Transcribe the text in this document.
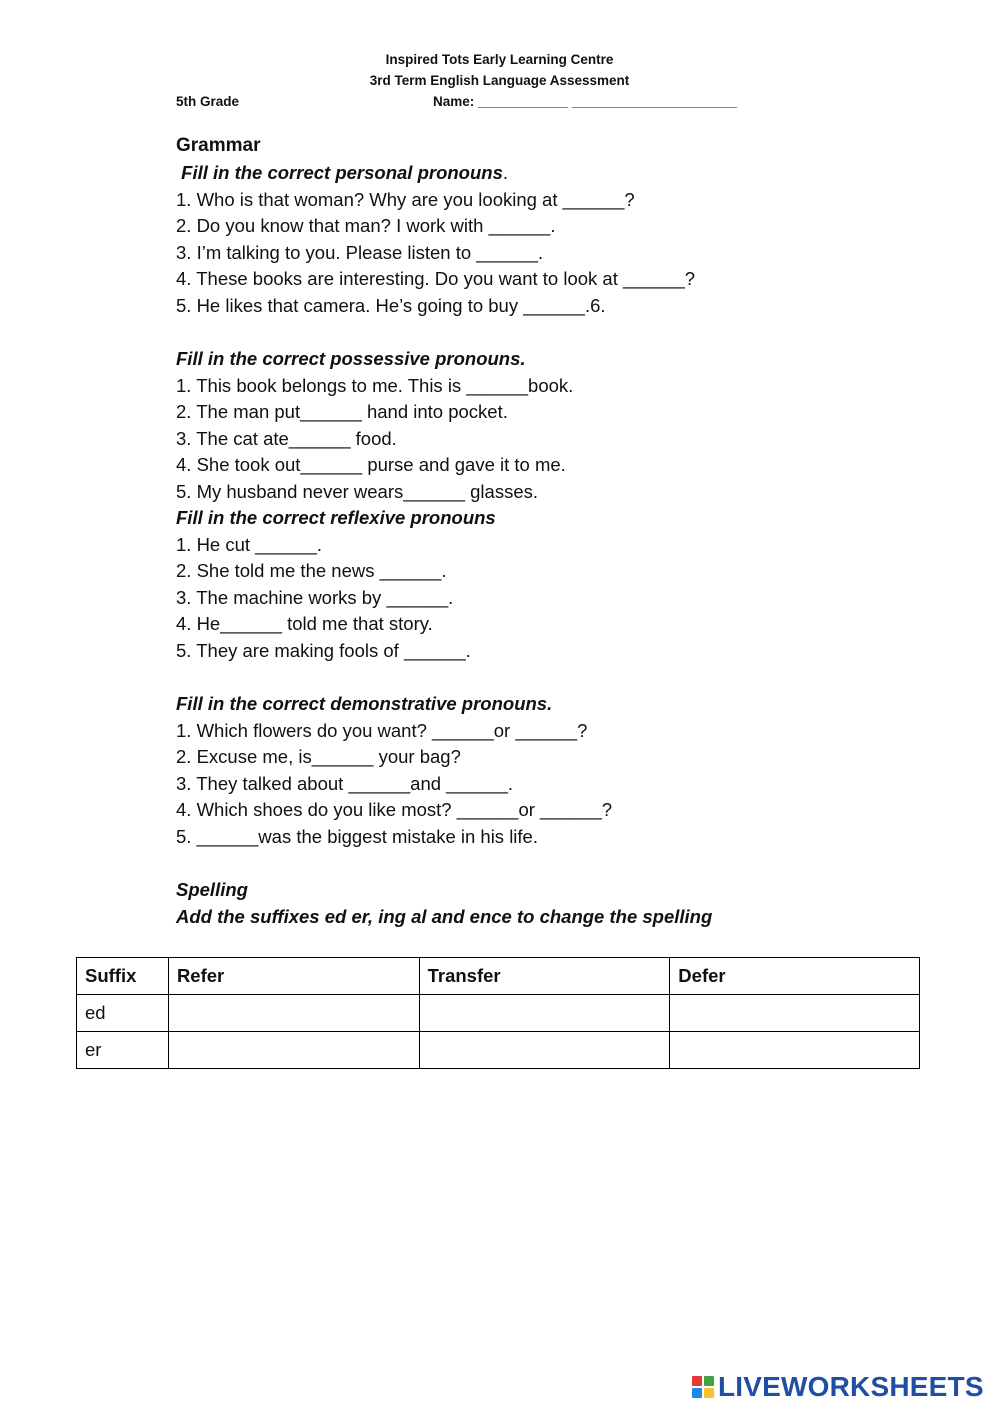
Inspired Tots Early Learning Centre
3rd Term English Language Assessment
5th Grade	Name: ____________ ______________________
Grammar
Fill in the correct personal pronouns.
1. Who is that woman? Why are you looking at ______?
2. Do you know that man? I work with ______.
3. I’m talking to you. Please listen to ______.
4. These books are interesting. Do you want to look at ______?
5. He likes that camera. He’s going to buy ______.6.
Fill in the correct possessive pronouns.
1. This book belongs to me. This is ______book.
2. The man put______ hand into pocket.
3. The cat ate______ food.
4. She took out______ purse and gave it to me.
5. My husband never wears______ glasses.
Fill in the correct reflexive pronouns
1. He cut ______.
2. She told me the news ______.
3. The machine works by ______.
4. He______ told me that story.
5. They are making fools of ______.
Fill in the correct demonstrative pronouns.
1. Which flowers do you want? ______or ______?
2. Excuse me, is______ your bag?
3. They talked about ______and ______.
4. Which shoes do you like most? ______or ______?
5. ______was the biggest mistake in his life.
Spelling
Add the suffixes ed er, ing al and ence to change the spelling
Suffix	Refer	Transfer	Defer
ed			
er			
LIVEWORKSHEETS
